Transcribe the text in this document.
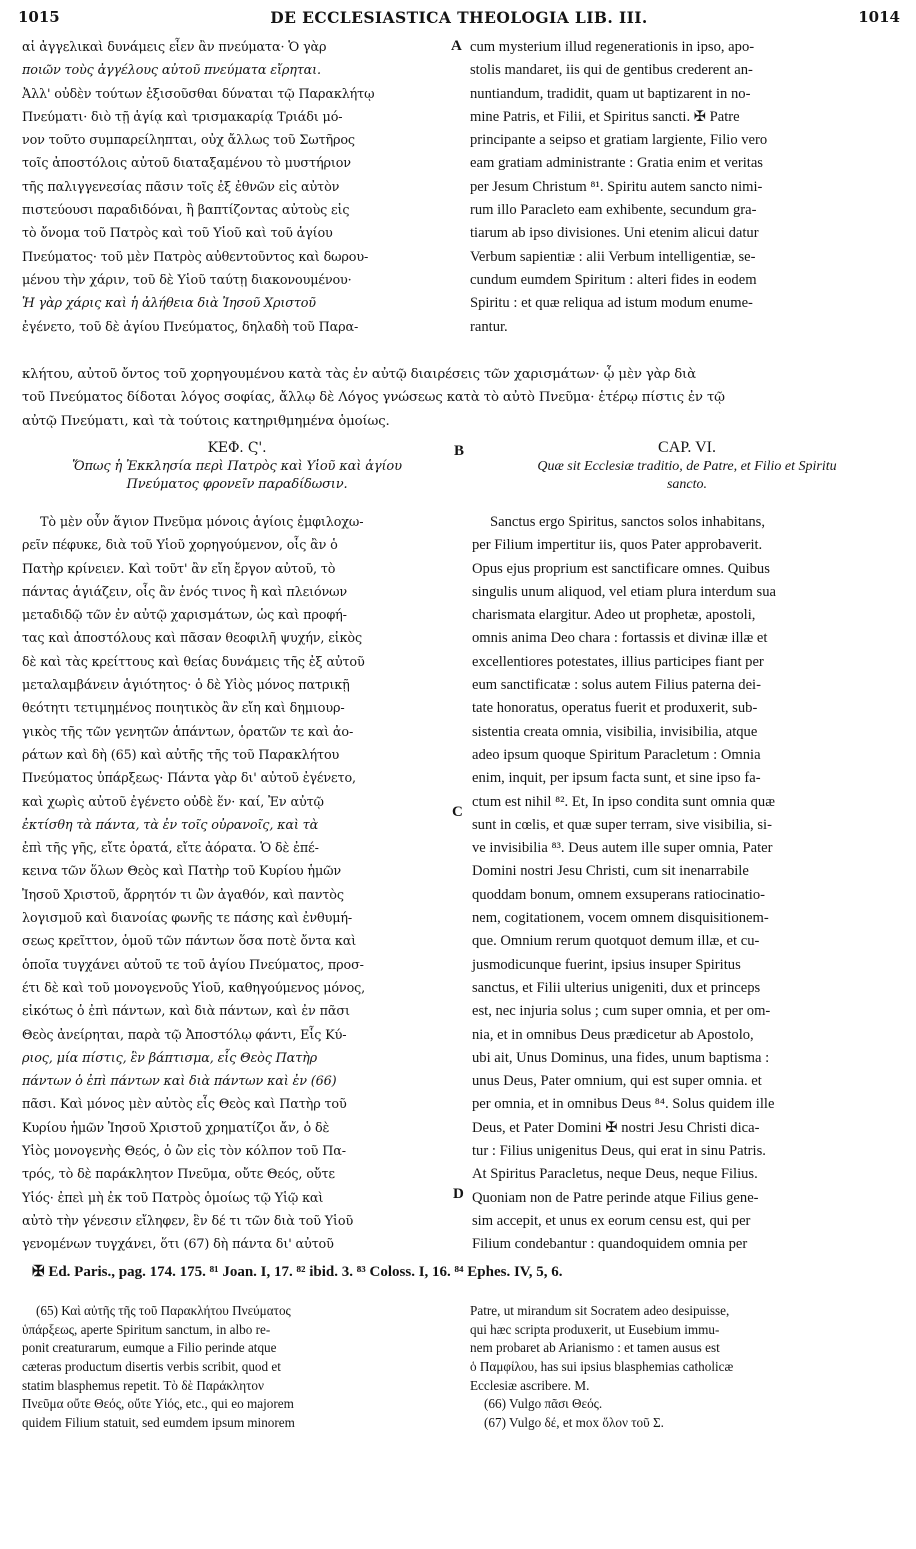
1015	DE ECCLESIASTICA THEOLOGIA LIB. III.	1014
αἱ ἀγγελικαὶ δυνάμεις εἶεν ἂν πνεύματα· Ὁ γὰρ
ποιῶν τοὺς ἀγγέλους αὐτοῦ πνεύματα εἴρηται.
Ἀλλ' οὐδὲν τούτων ἐξισοῦσθαι δύναται τῷ Παρακλήτῳ
Πνεύματι· διὸ τῇ ἁγίᾳ καὶ τρισμακαρίᾳ Τριάδι μό-
νον τοῦτο συμπαρείληπται, οὐχ ἄλλως τοῦ Σωτῆρος
τοῖς ἀποστόλοις αὐτοῦ διαταξαμένου τὸ μυστήριον
τῆς παλιγγενεσίας πᾶσιν τοῖς ἐξ ἐθνῶν εἰς αὐτὸν
πιστεύουσι παραδιδόναι, ἢ βαπτίζοντας αὐτοὺς εἰς
τὸ ὄνομα τοῦ Πατρὸς καὶ τοῦ Υἱοῦ καὶ τοῦ ἁγίου
Πνεύματος· τοῦ μὲν Πατρὸς αὐθεντοῦντος καὶ δωρου-
μένου τὴν χάριν, τοῦ δὲ Υἱοῦ ταύτῃ διακονουμένου·
Ἡ γὰρ χάρις καὶ ἡ ἀλήθεια διὰ Ἰησοῦ Χριστοῦ
ἐγένετο, τοῦ δὲ ἁγίου Πνεύματος, δηλαδὴ τοῦ Παρα-
A cum mysterium illud regenerationis in ipso, apo-
stolis mandaret, iis qui de gentibus crederent an-
nuntiandum, tradidit, quam ut baptizarent in no-
mine Patris, et Filii, et Spiritus sancti. ✠ Patre
principante a seipso et gratiam largiente, Filio vero
eam gratiam administrante : Gratia enim et veritas
per Jesum Christum ⁸¹. Spiritu autem sancto nimi-
rum illo Paracleto eam exhibente, secundum gra-
tiarum ab ipso divisiones. Uni etenim alicui datur
Verbum sapientiæ : alii Verbum intelligentiæ, se-
cundum eumdem Spiritum : alteri fides in eodem
Spiritu : et quæ reliqua ad istum modum enume-
rantur.
κλήτου, αὐτοῦ ὄντος τοῦ χορηγουμένου κατὰ τὰς ἐν αὐτῷ διαιρέσεις τῶν χαρισμάτων· ᾧ μὲν γὰρ διὰ
τοῦ Πνεύματος δίδοται λόγος σοφίας, ἄλλῳ δὲ Λόγος γνώσεως κατὰ τὸ αὐτὸ Πνεῦμα· ἑτέρῳ πίστις ἐν τῷ
αὐτῷ Πνεύματι, καὶ τὰ τούτοις κατηριθμημένα ὁμοίως.
ΚΕΦ. Ϛ'.
Ὅπως ἡ Ἐκκλησία περὶ Πατρὸς καὶ Υἱοῦ καὶ ἁγίου
Πνεύματος φρονεῖν παραδίδωσιν.
B	CAP. VI.
Quæ sit Ecclesiæ traditio, de Patre, et Filio et Spiritu
sancto.
Τὸ μὲν οὖν ἅγιον Πνεῦμα μόνοις ἁγίοις ἐμφιλοχω-
ρεῖν πέφυκε, διὰ τοῦ Υἱοῦ χορηγούμενον, οἷς ἂν ὁ
Πατὴρ κρίνειεν. Καὶ τοῦτ' ἂν εἴη ἔργον αὐτοῦ, τὸ
πάντας ἁγιάζειν, οἷς ἂν ἑνός τινος ἢ καὶ πλειόνων
μεταδιδῷ τῶν ἐν αὐτῷ χαρισμάτων, ὡς καὶ προφή-
τας καὶ ἀποστόλους καὶ πᾶσαν θεοφιλῆ ψυχήν, εἰκὸς
δὲ καὶ τὰς κρείττους καὶ θείας δυνάμεις τῆς ἐξ αὐτοῦ
μεταλαμβάνειν ἁγιότητος· ὁ δὲ Υἱὸς μόνος πατρικῇ
θεότητι τετιμημένος ποιητικὸς ἂν εἴη καὶ δημιουρ-
γικὸς τῆς τῶν γενητῶν ἁπάντων, ὁρατῶν τε καὶ ἀο-
ράτων καὶ δὴ (65) καὶ αὐτῆς τῆς τοῦ Παρακλήτου
Πνεύματος ὑπάρξεως· Πάντα γὰρ δι' αὐτοῦ ἐγένετο,
καὶ χωρὶς αὐτοῦ ἐγένετο οὐδὲ ἕν· καί, Ἐν αὐτῷ
ἐκτίσθη τὰ πάντα, τὰ ἐν τοῖς οὐρανοῖς, καὶ τὰ
ἐπὶ τῆς γῆς, εἴτε ὁρατά, εἴτε ἀόρατα. Ὁ δὲ ἐπέ-
κεινα τῶν ὅλων Θεὸς καὶ Πατὴρ τοῦ Κυρίου ἡμῶν
Ἰησοῦ Χριστοῦ, ἄρρητόν τι ὢν ἀγαθόν, καὶ παντὸς
λογισμοῦ καὶ διανοίας φωνῆς τε πάσης καὶ ἐνθυμή-
σεως κρεῖττον, ὁμοῦ τῶν πάντων ὅσα ποτὲ ὄντα καὶ
ὁποῖα τυγχάνει αὐτοῦ τε τοῦ ἁγίου Πνεύματος, προσ-
έτι δὲ καὶ τοῦ μονογενοῦς Υἱοῦ, καθηγούμενος μόνος,
εἰκότως ὁ ἐπὶ πάντων, καὶ διὰ πάντων, καὶ ἐν πᾶσι
Θεὸς ἀνείρηται, παρὰ τῷ Ἀποστόλῳ φάντι, Εἷς Κύ-
ριος, μία πίστις, ἓν βάπτισμα, εἷς Θεὸς Πατὴρ
πάντων ὁ ἐπὶ πάντων καὶ διὰ πάντων καὶ ἐν (66)
πᾶσι. Καὶ μόνος μὲν αὐτὸς εἷς Θεὸς καὶ Πατὴρ τοῦ
Κυρίου ἡμῶν Ἰησοῦ Χριστοῦ χρηματίζοι ἄν, ὁ δὲ
Υἱὸς μονογενὴς Θεός, ὁ ὢν εἰς τὸν κόλπον τοῦ Πα-
τρός, τὸ δὲ παράκλητον Πνεῦμα, οὔτε Θεός, οὔτε
Υἱός· ἐπεὶ μὴ ἐκ τοῦ Πατρὸς ὁμοίως τῷ Υἱῷ καὶ
αὐτὸ τὴν γένεσιν εἴληφεν, ἓν δέ τι τῶν διὰ τοῦ Υἱοῦ
γενομένων τυγχάνει, ὅτι (67) δὴ πάντα δι' αὐτοῦ
C
D
Sanctus ergo Spiritus, sanctos solos inhabitans,
per Filium impertitur iis, quos Pater approbaverit.
Opus ejus proprium est sanctificare omnes. Quibus
singulis unum aliquod, vel etiam plura interdum sua
charismata elargitur. Adeo ut prophetæ, apostoli,
omnis anima Deo chara : fortassis et divinæ illæ et
excellentiores potestates, illius participes fiant per
eum sanctificatæ : solus autem Filius paterna dei-
tate honoratus, operatus fuerit et produxerit, sub-
sistentia creata omnia, visibilia, invisibilia, atque
adeo ipsum quoque Spiritum Paracletum : Omnia
enim, inquit, per ipsum facta sunt, et sine ipso fa-
ctum est nihil ⁸². Et, In ipso condita sunt omnia quæ
sunt in cœlis, et quæ super terram, sive visibilia, si-
ve invisibilia ⁸³. Deus autem ille super omnia, Pater
Domini nostri Jesu Christi, cum sit inenarrabile
quoddam bonum, omnem exsuperans ratiocinatio-
nem, cogitationem, vocem omnem disquisitionem-
que. Omnium rerum quotquot demum illæ, et cu-
jusmodicunque fuerint, ipsius insuper Spiritus
sanctus, et Filii ulterius unigeniti, dux et princeps
est, nec injuria solus ; cum super omnia, et per om-
nia, et in omnibus Deus prædicetur ab Apostolo,
ubi ait, Unus Dominus, una fides, unum baptisma :
unus Deus, Pater omnium, qui est super omnia. et
per omnia, et in omnibus Deus ⁸⁴. Solus quidem ille
Deus, et Pater Domini ✠ nostri Jesu Christi dica-
tur : Filius unigenitus Deus, qui erat in sinu Patris.
At Spiritus Paracletus, neque Deus, neque Filius.
Quoniam non de Patre perinde atque Filius gene-
sim accepit, et unus ex eorum censu est, qui per
Filium condebantur : quandoquidem omnia per
✠ Ed. Paris., pag. 174. 175. ⁸¹ Joan. I, 17. ⁸² ibid. 3. ⁸³ Coloss. I, 16. ⁸⁴ Ephes. IV, 5, 6.
(65) Καὶ αὐτῆς τῆς τοῦ Παρακλήτου Πνεύματος
ὑπάρξεως, aperte Spiritum sanctum, in albo re-
ponit creaturarum, eumque a Filio perinde atque
cæteras productum disertis verbis scribit, quod et
statim blasphemus repetit. Τὸ δὲ Παράκλητον
Πνεῦμα οὔτε Θεός, οὔτε Υἱός, etc., qui eo majorem
quidem Filium statuit, sed eumdem ipsum minorem
Patre, ut mirandum sit Socratem adeo desipuisse,
qui hæc scripta produxerit, ut Eusebium immu-
nem probaret ab Arianismo : et tamen ausus est
ὁ Παμφίλου, has sui ipsius blasphemias catholicæ
Ecclesiæ ascribere. M.
(66) Vulgo πᾶσι Θεός.
(67) Vulgo δέ, et mox ὅλον τοῦ Σ.
